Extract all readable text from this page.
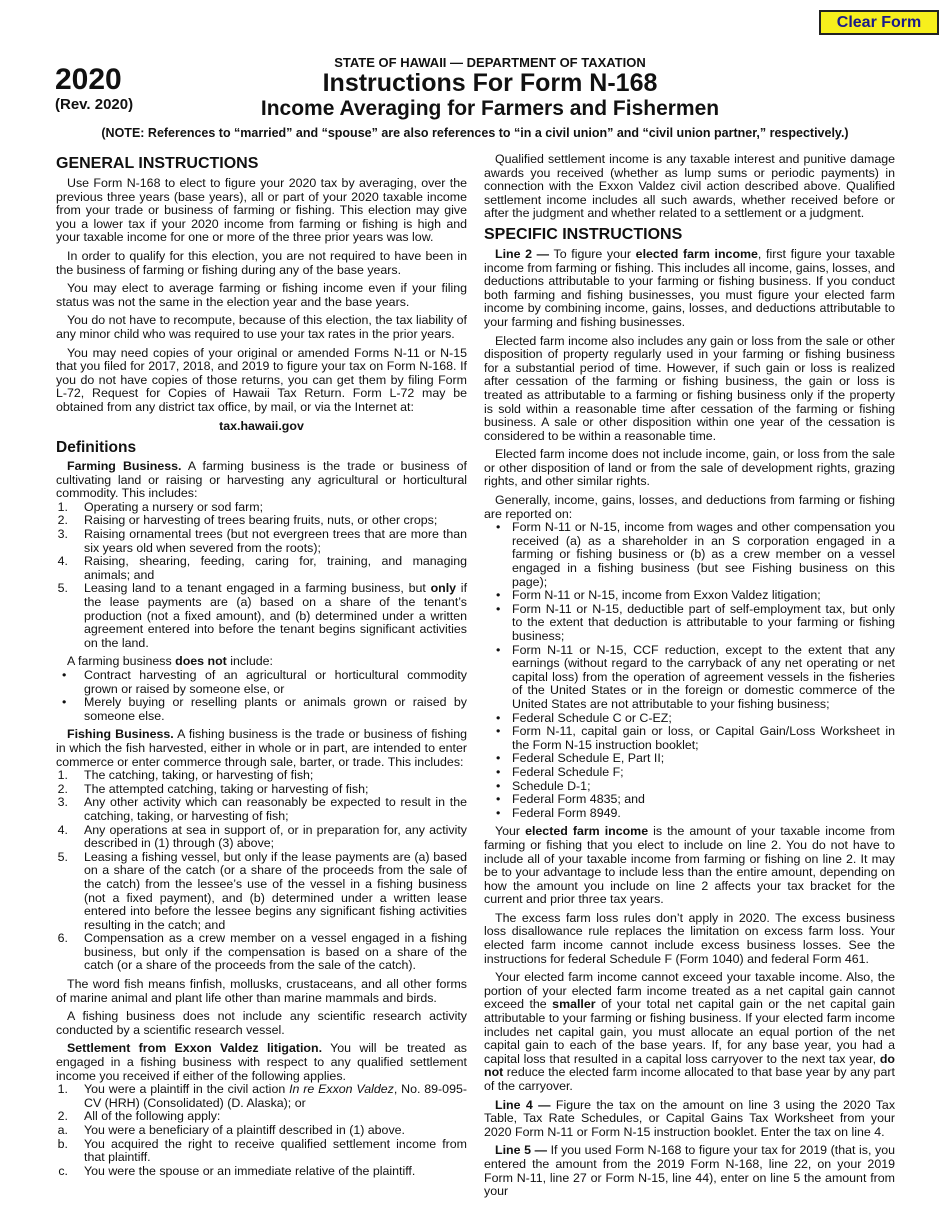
Clear Form
2020
(Rev. 2020)
STATE OF HAWAII — DEPARTMENT OF TAXATION
Instructions For Form N-168
Income Averaging for Farmers and Fishermen
(NOTE: References to “married” and “spouse” are also references to “in a civil union” and “civil union partner,” respectively.)
GENERAL INSTRUCTIONS

Use Form N-168 to elect to figure your 2020 tax by averaging, over the previous three years (base years), all or part of your 2020 taxable income from your trade or business of farming or fishing. This election may give you a lower tax if your 2020 income from farming or fishing is high and your taxable income for one or more of the three prior years was low.

In order to qualify for this election, you are not required to have been in the business of farming or fishing during any of the base years.

You may elect to average farming or fishing income even if your filing status was not the same in the election year and the base years.

You do not have to recompute, because of this election, the tax liability of any minor child who was required to use your tax rates in the prior years.

You may need copies of your original or amended Forms N-11 or N-15 that you filed for 2017, 2018, and 2019 to figure your tax on Form N-168. If you do not have copies of those returns, you can get them by filing Form L-72, Request for Copies of Hawaii Tax Return. Form L-72 may be obtained from any district tax office, by mail, or via the Internet at:

tax.hawaii.gov
Definitions

Farming Business. A farming business is the trade or business of cultivating land or raising or harvesting any agricultural or horticultural commodity. This includes:

1. Operating a nursery or sod farm;
2. Raising or harvesting of trees bearing fruits, nuts, or other crops;
3. Raising ornamental trees (but not evergreen trees that are more than six years old when severed from the roots);
4. Raising, shearing, feeding, caring for, training, and managing animals; and
5. Leasing land to a tenant engaged in a farming business, but only if the lease payments are (a) based on a share of the tenant’s production (not a fixed amount), and (b) determined under a written agreement entered into before the tenant begins significant activities on the land.

A farming business does not include:

• Contract harvesting of an agricultural or horticultural commodity grown or raised by someone else, or
• Merely buying or reselling plants or animals grown or raised by someone else.

Fishing Business. A fishing business is the trade or business of fishing in which the fish harvested, either in whole or in part, are intended to enter commerce or enter commerce through sale, barter, or trade. This includes:

1. The catching, taking, or harvesting of fish;
2. The attempted catching, taking or harvesting of fish;
3. Any other activity which can reasonably be expected to result in the catching, taking, or harvesting of fish;
4. Any operations at sea in support of, or in preparation for, any activity described in (1) through (3) above;
5. Leasing a fishing vessel, but only if the lease payments are (a) based on a share of the catch (or a share of the proceeds from the sale of the catch) from the lessee’s use of the vessel in a fishing business (not a fixed payment), and (b) determined under a written lease entered into before the lessee begins any significant fishing activities resulting in the catch; and
6. Compensation as a crew member on a vessel engaged in a fishing business, but only if the compensation is based on a share of the catch (or a share of the proceeds from the sale of the catch).

The word fish means finfish, mollusks, crustaceans, and all other forms of marine animal and plant life other than marine mammals and birds.

A fishing business does not include any scientific research activity conducted by a scientific research vessel.

Settlement from Exxon Valdez litigation. You will be treated as engaged in a fishing business with respect to any qualified settlement income you received if either of the following applies.

1. You were a plaintiff in the civil action In re Exxon Valdez, No. 89-095-CV (HRH) (Consolidated) (D. Alaska); or
2. All of the following apply:
a. You were a beneficiary of a plaintiff described in (1) above.
b. You acquired the right to receive qualified settlement income from that plaintiff.
c. You were the spouse or an immediate relative of the plaintiff.

Qualified settlement income is any taxable interest and punitive damage awards you received (whether as lump sums or periodic payments) in connection with the Exxon Valdez civil action described above. Qualified settlement income includes all such awards, whether received before or after the judgment and whether related to a settlement or a judgment.

SPECIFIC INSTRUCTIONS

Line 2 — To figure your elected farm income, first figure your taxable income from farming or fishing. This includes all income, gains, losses, and deductions attributable to your farming or fishing business. If you conduct both farming and fishing businesses, you must figure your elected farm income by combining income, gains, losses, and deductions attributable to your farming and fishing businesses.

Elected farm income also includes any gain or loss from the sale or other disposition of property regularly used in your farming or fishing business for a substantial period of time. However, if such gain or loss is realized after cessation of the farming or fishing business, the gain or loss is treated as attributable to a farming or fishing business only if the property is sold within a reasonable time after cessation of the farming or fishing business. A sale or other disposition within one year of the cessation is considered to be within a reasonable time.

Elected farm income does not include income, gain, or loss from the sale or other disposition of land or from the sale of development rights, grazing rights, and other similar rights.

Generally, income, gains, losses, and deductions from farming or fishing are reported on:

• Form N-11 or N-15, income from wages and other compensation you received (a) as a shareholder in an S corporation engaged in a farming or fishing business or (b) as a crew member on a vessel engaged in a fishing business (but see Fishing business on this page);
• Form N-11 or N-15, income from Exxon Valdez litigation;
• Form N-11 or N-15, deductible part of self-employment tax, but only to the extent that deduction is attributable to your farming or fishing business;
• Form N-11 or N-15, CCF reduction, except to the extent that any earnings (without regard to the carryback of any net operating or net capital loss) from the operation of agreement vessels in the fisheries of the United States or in the foreign or domestic commerce of the United States are not attributable to your fishing business;
• Federal Schedule C or C-EZ;
• Form N-11, capital gain or loss, or Capital Gain/Loss Worksheet in the Form N-15 instruction booklet;
• Federal Schedule E, Part II;
• Federal Schedule F;
• Schedule D-1;
• Federal Form 4835; and
• Federal Form 8949.

Your elected farm income is the amount of your taxable income from farming or fishing that you elect to include on line 2. You do not have to include all of your taxable income from farming or fishing on line 2. It may be to your advantage to include less than the entire amount, depending on how the amount you include on line 2 affects your tax bracket for the current and prior three tax years.

The excess farm loss rules don’t apply in 2020. The excess business loss disallowance rule replaces the limitation on excess farm loss. Your elected farm income cannot include excess business losses. See the instructions for federal Schedule F (Form 1040) and federal Form 461.

Your elected farm income cannot exceed your taxable income. Also, the portion of your elected farm income treated as a net capital gain cannot exceed the smaller of your total net capital gain or the net capital gain attributable to your farming or fishing business. If your elected farm income includes net capital gain, you must allocate an equal portion of the net capital gain to each of the base years. If, for any base year, you had a capital loss that resulted in a capital loss carryover to the next tax year, do not reduce the elected farm income allocated to that base year by any part of the carryover.

Line 4 — Figure the tax on the amount on line 3 using the 2020 Tax Table, Tax Rate Schedules, or Capital Gains Tax Worksheet from your 2020 Form N-11 or Form N-15 instruction booklet. Enter the tax on line 4.

Line 5 — If you used Form N-168 to figure your tax for 2019 (that is, you entered the amount from the 2019 Form N-168, line 22, on your 2019 Form N-11, line 27 or Form N-15, line 44), enter on line 5 the amount from your
